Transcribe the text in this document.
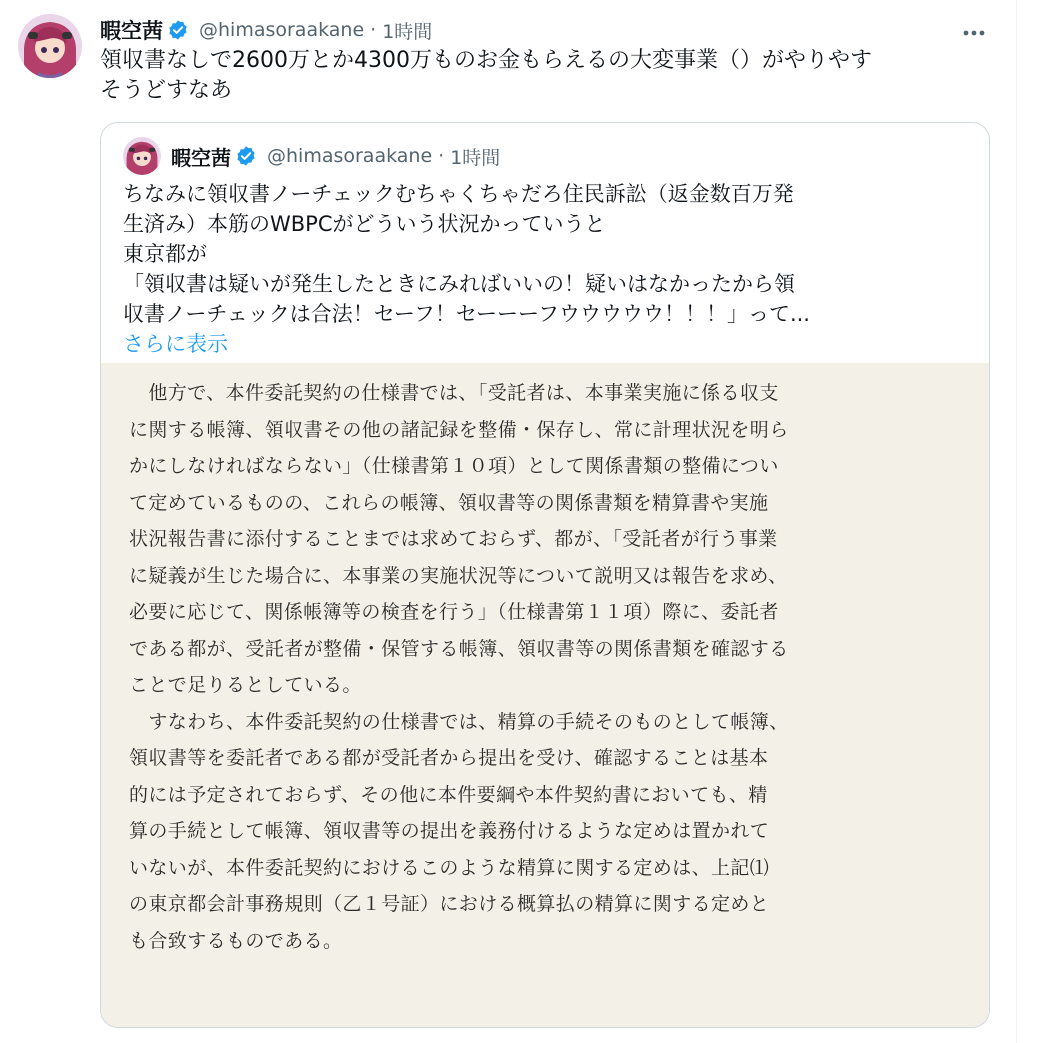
暇空茜 @himasoraakane · 1時間
領収書なしで2600万とか4300万ものお金もらえるの大変事業（）がやりやす
そうどすなあ
暇空茜 @himasoraakane · 1時間
ちなみに領収書ノーチェックむちゃくちゃだろ住民訴訟（返金数百万発
生済み）本筋のWBPCがどういう状況かっていうと
東京都が
「領収書は疑いが発生したときにみればいいの！疑いはなかったから領
収書ノーチェックは合法！セーフ！セーーーフウウウウウ！！！」って...
さらに表示
　他方で、本件委託契約の仕様書では、「受託者は、本事業実施に係る収支
に関する帳簿、領収書その他の諸記録を整備・保存し、常に計理状況を明ら
かにしなければならない」（仕様書第１０項）として関係書類の整備につい
て定めているものの、これらの帳簿、領収書等の関係書類を精算書や実施
状況報告書に添付することまでは求めておらず、都が、「受託者が行う事業
に疑義が生じた場合に、本事業の実施状況等について説明又は報告を求め、
必要に応じて、関係帳簿等の検査を行う」（仕様書第１１項）際に、委託者
である都が、受託者が整備・保管する帳簿、領収書等の関係書類を確認する
ことで足りるとしている。
　すなわち、本件委託契約の仕様書では、精算の手続そのものとして帳簿、
領収書等を委託者である都が受託者から提出を受け、確認することは基本
的には予定されておらず、その他に本件要綱や本件契約書においても、精
算の手続として帳簿、領収書等の提出を義務付けるような定めは置かれて
いないが、本件委託契約におけるこのような精算に関する定めは、上記⑴
の東京都会計事務規則（乙１号証）における概算払の精算に関する定めと
も合致するものである。
